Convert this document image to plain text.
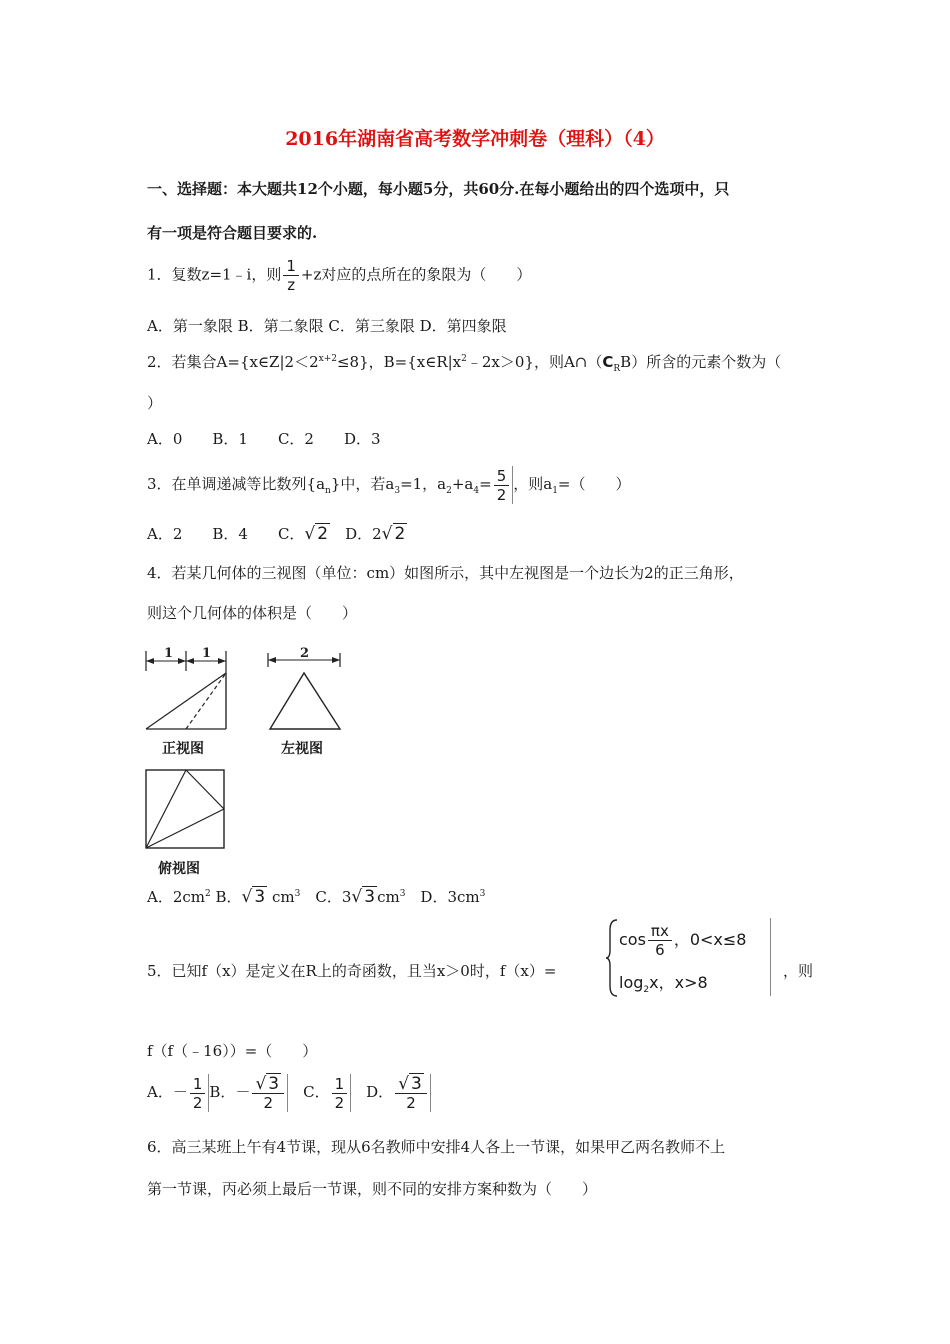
2016年湖南省高考数学冲刺卷（理科）（4）
一、选择题：本大题共12个小题，每小题5分，共60分.在每小题给出的四个选项中，只
有一项是符合题目要求的.
1．复数z=1﹣i，则 $\frac{1}{z} +z$对应的点所在的象限为（　　）
A．第一象限 B．第二象限 C．第三象限 D．第四象限
2．若集合$A=\{x\in Z|2<2^{x+2}\le 8\}$，$B=\{x\in R|x^2﹣2x>0\}$，则$A\cap(C_RB)$所含的元素个数为（
）
A．0　　B．1　　C．2　　D．3
3．在单调递减等比数列$\{a_n\}$中，若$a_3=1$，$a_2+a_4= \frac{5}{2}$ ，则$a_1=$（　　）
A．2　　B．4　　C．√ 2　D．2√ 2
4．若某几何体的三视图（单位：cm）如图所示，其中左视图是一个边长为2的正三角形，
则这个几何体的体积是（　　）
1 1
正视图
2
左视图
俯视图
A．$2cm^2$ B．√ 3 $cm^3$　C．3√ 3 $cm^3$　D．$3cm^3$
5．已知f（x）是定义在R上的奇函数，且当x＞0时，f（x）=
$\cos \frac{\pi x}{6}$ ，0<x≤8
$\log_2x$，x>8
，则
f（f（﹣16））=（　　）
A．－ $\frac{1}{2}$ B．－ $\frac{√ 3}{2}$ 　C． $\frac{1}{2}$ 　D． $\frac{√ 3}{2}$
6．高三某班上午有4节课，现从6名教师中安排4人各上一节课，如果甲乙两名教师不上
第一节课，丙必须上最后一节课，则不同的安排方案种数为（　　）
